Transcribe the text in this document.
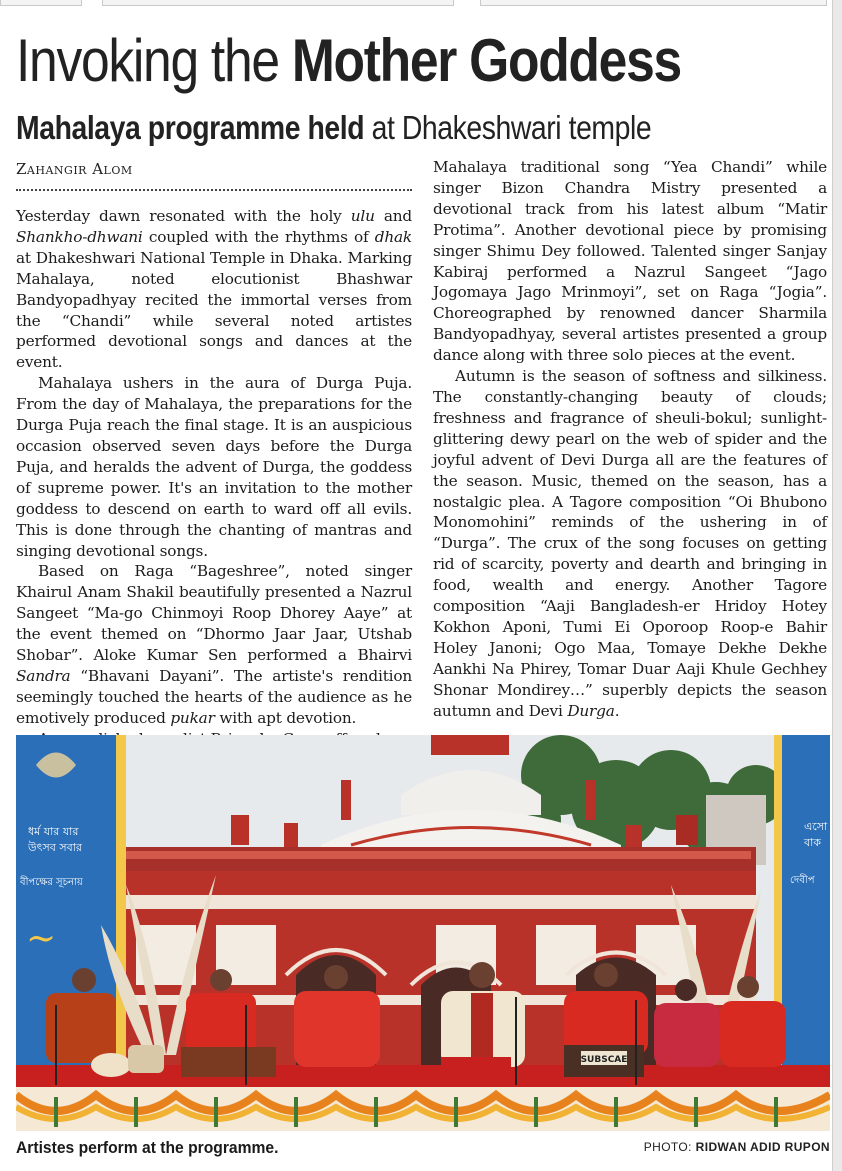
Invoking the Mother Goddess
Mahalaya programme held at Dhakeshwari temple
Zahangir Alom

Yesterday dawn resonated with the holy ulu and Shankho-dhwani coupled with the rhythms of dhak at Dhakeshwari National Temple in Dhaka. Marking Mahalaya, noted elocutionist Bhashwar Bandyopadhyay recited the immortal verses from the “Chandi” while several noted artistes performed devotional songs and dances at the event.

Mahalaya ushers in the aura of Durga Puja. From the day of Mahalaya, the preparations for the Durga Puja reach the final stage. It is an auspicious occasion observed seven days before the Durga Puja, and heralds the advent of Durga, the goddess of supreme power. It's an invitation to the mother goddess to descend on earth to ward off all evils. This is done through the chanting of mantras and singing devotional songs.

Based on Raga “Bageshree”, noted singer Khairul Anam Shakil beautifully presented a Nazrul Sangeet “Ma-go Chinmoyi Roop Dhorey Aaye” at the event themed on “Dhormo Jaar Jaar, Utshab Shobar”. Aloke Kumar Sen performed a Bhairvi Sandra “Bhavani Dayani”. The artiste's rendition seemingly touched the hearts of the audience as he emotively produced pukar with apt devotion.

Mahalaya traditional song “Yea Chandi” while singer Bizon Chandra Mistry presented a devotional track from his latest album “Matir Protima”. Another devotional piece by promising singer Shimu Dey followed. Talented singer Sanjay Kabiraj performed a Nazrul Sangeet “Jago Jogomaya Jago Mrinmoyi”, set on Raga “Jogia”. Choreographed by renowned dancer Sharmila Bandyopadhyay, several artistes presented a group dance along with three solo pieces at the event.

Autumn is the season of softness and silkiness. The constantly-changing beauty of clouds; freshness and fragrance of sheuli-bokul; sunlight-glittering dewy pearl on the web of spider and the joyful advent of Devi Durga all are the features of the season. Music, themed on the season, has a nostalgic plea. A Tagore composition “Oi Bhubono Monomohini” reminds of the ushering in of “Durga”. The crux of the song focuses on getting rid of scarcity, poverty and dearth and bringing in food, wealth and energy. Another Tagore composition “Aaji Bangladesh-er Hridoy Hotey Kokhon Aponi, Tumi Ei Oporoop Roop-e Bahir Holey Janoni; Ogo Maa, Tomaye Dekhe Dekhe Aankhi Na Phirey, Tomar Duar Aaji Khule Gechhey Shonar Mondirey…” superbly depicts the season autumn and Devi Durga.

ধর্ম যার যার
উৎসব সবার
বীপক্ষের সূচনায়
~
এসো
বাক
দেবীপ
SUBSCAE
Artistes perform at the programme.	PHOTO: RIDWAN ADID RUPON
